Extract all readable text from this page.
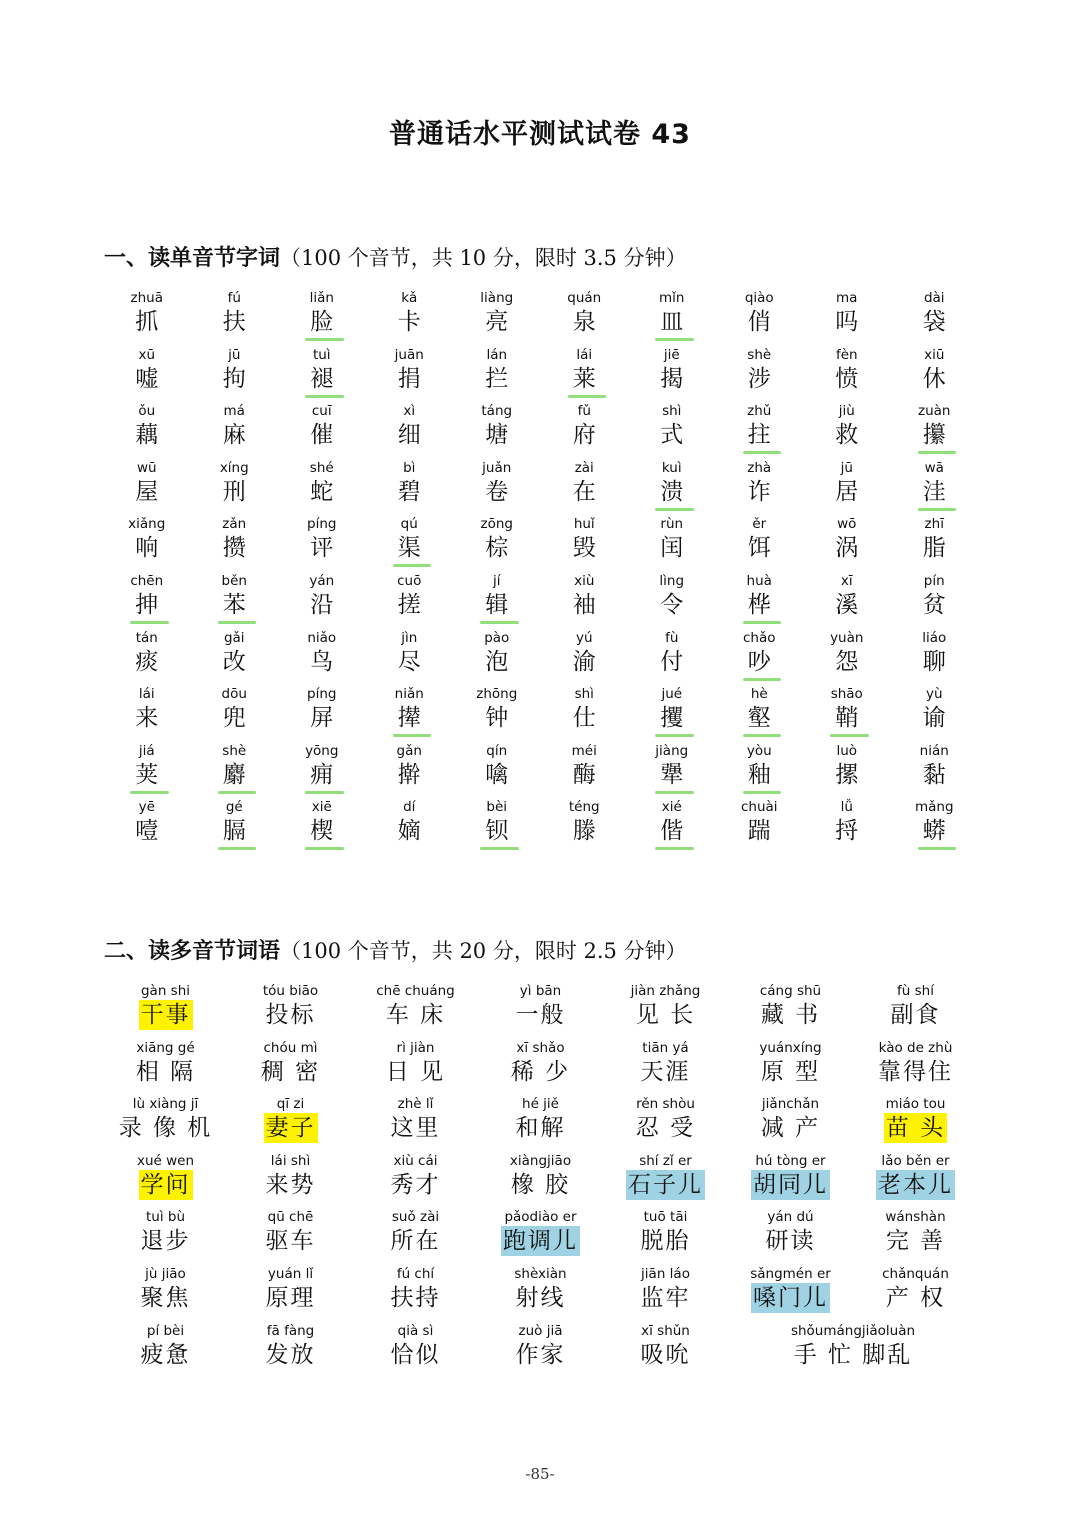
普通话水平测试试卷 43
一、读单音节字词（100 个音节，共 10 分，限时 3.5 分钟）
zhuā
抓
fú
扶
liǎn
脸
kǎ
卡
liàng
亮
quán
泉
mǐn
皿
qiào
俏
ma
吗
dài
袋
xū
嘘
jū
拘
tuì
褪
juān
捐
lán
拦
lái
莱
jiē
揭
shè
涉
fèn
愤
xiū
休
ǒu
藕
má
麻
cuī
催
xì
细
táng
塘
fǔ
府
shì
式
zhǔ
拄
jiù
救
zuàn
攥
wū
屋
xíng
刑
shé
蛇
bì
碧
juǎn
卷
zài
在
kuì
溃
zhà
诈
jū
居
wā
洼
xiǎng
响
zǎn
攒
píng
评
qú
渠
zōng
棕
huǐ
毁
rùn
闰
ěr
饵
wō
涡
zhī
脂
chēn
抻
běn
苯
yán
沿
cuō
搓
jí
辑
xiù
袖
lìng
令
huà
桦
xī
溪
pín
贫
tán
痰
gǎi
改
niǎo
鸟
jìn
尽
pào
泡
yú
渝
fù
付
chǎo
吵
yuàn
怨
liáo
聊
lái
来
dōu
兜
píng
屏
niǎn
撵
zhōng
钟
shì
仕
jué
攫
hè
壑
shāo
鞘
yù
谕
jiá
荚
shè
麝
yōng
痈
gǎn
擀
qín
噙
méi
酶
jiàng
犟
yòu
釉
luò
摞
nián
黏
yē
噎
gé
膈
xiē
楔
dí
嫡
bèi
钡
téng
滕
xié
偕
chuài
踹
lǚ
捋
mǎng
蟒
二、读多音节词语（100 个音节，共 20 分，限时 2.5 分钟）
gàn shi
干事
tóu biāo
投标
chē chuáng
车 床
yì bān
一般
jiàn zhǎng
见 长
cáng shū
藏 书
fù shí
副食
xiāng gé
相 隔
chóu mì
稠 密
rì jiàn
日 见
xī shǎo
稀 少
tiān yá
天涯
yuánxíng
原 型
kào de zhù
靠得住
lù xiàng jī
录 像 机
qī zi
妻子
zhè lǐ
这里
hé jiě
和解
rěn shòu
忍 受
jiǎnchǎn
减 产
miáo tou
苗 头
xué wen
学问
lái shì
来势
xiù cái
秀才
xiàngjiāo
橡 胶
shí zǐ er
石子儿
hú tòng er
胡同儿
lǎo běn er
老本儿
tuì bù
退步
qū chē
驱车
suǒ zài
所在
pǎodiào er
跑调儿
tuō tāi
脱胎
yán dú
研读
wánshàn
完 善
jù jiāo
聚焦
yuán lǐ
原理
fú chí
扶持
shèxiàn
射线
jiān láo
监牢
sǎngmén er
嗓门儿
chǎnquán
产 权
pí bèi
疲惫
fā fàng
发放
qià sì
恰似
zuò jiā
作家
xī shǔn
吸吮
shǒumángjiǎoluàn
手 忙 脚乱
-85-
